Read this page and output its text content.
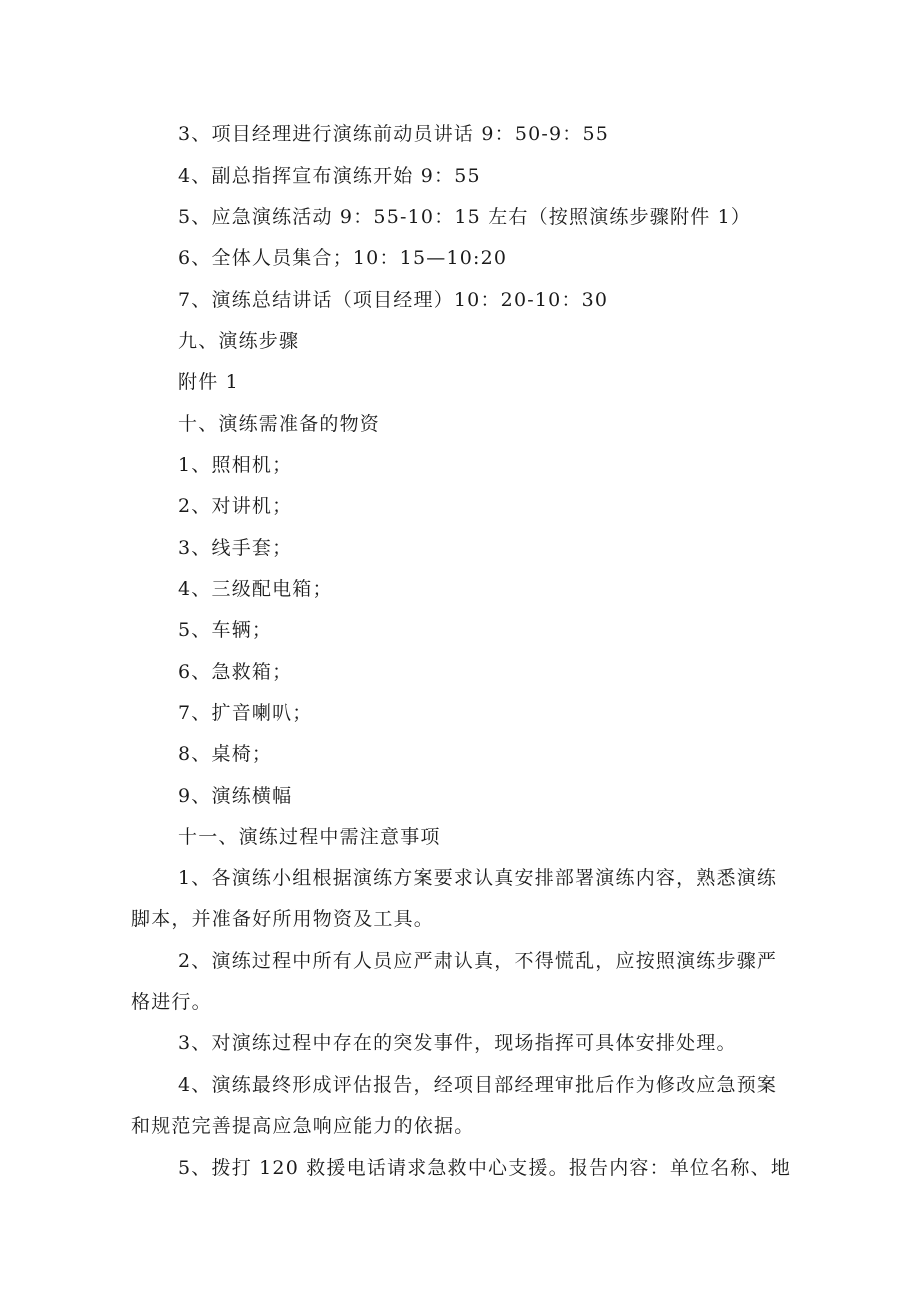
3、项目经理进行演练前动员讲话 9：50-9：55
4、副总指挥宣布演练开始 9：55
5、应急演练活动 9：55-10：15 左右（按照演练步骤附件 1）
6、全体人员集合；10：15—10:20
7、演练总结讲话（项目经理）10：20-10：30
九、演练步骤
附件 1
十、演练需准备的物资
1、照相机；
2、对讲机；
3、线手套；
4、三级配电箱；
5、车辆；
6、急救箱；
7、扩音喇叭；
8、桌椅；
9、演练横幅
十一、演练过程中需注意事项
1、各演练小组根据演练方案要求认真安排部署演练内容，熟悉演练
脚本，并准备好所用物资及工具。
2、演练过程中所有人员应严肃认真，不得慌乱，应按照演练步骤严
格进行。
3、对演练过程中存在的突发事件，现场指挥可具体安排处理。
4、演练最终形成评估报告，经项目部经理审批后作为修改应急预案
和规范完善提高应急响应能力的依据。
5、拨打 120 救援电话请求急救中心支援。报告内容：单位名称、地
